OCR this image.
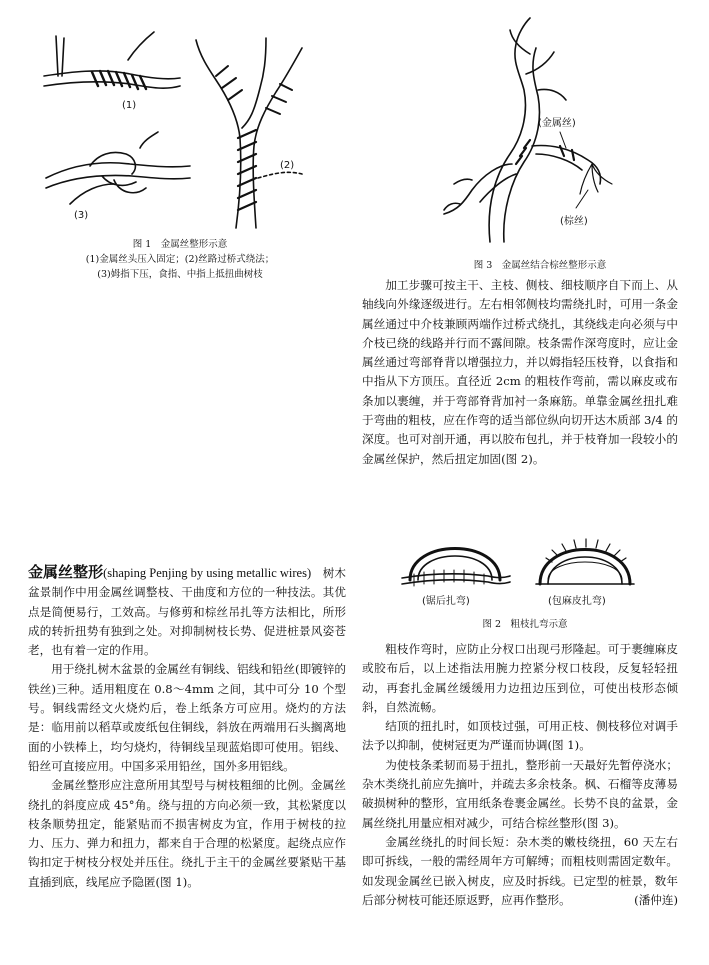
(1)
(2)
(3)
图 1　金属丝整形示意
(1)金属丝头压入固定；(2)丝路过桥式绕法；
(3)姆指下压，食指、中指上抵扭曲树枝
(金属丝)
(棕丝)
图 3　金属丝结合棕丝整形示意

加工步骤可按主干、主枝、侧枝、细枝顺序自下而上、从轴线向外缘逐级进行。左右相邻侧枝均需绕扎时，可用一条金属丝通过中介枝兼顾两端作过桥式绕扎，其绕线走向必须与中介枝已绕的线路并行而不露间隙。枝条需作深弯度时，应让金属丝通过弯部脊背以增强拉力，并以姆指轻压枝脊，以食指和中指从下方顶压。直径近 2cm 的粗枝作弯前，需以麻皮或布条加以裹缠，并于弯部脊背加衬一条麻筋。单靠金属丝扭扎难于弯曲的粗枝，应在作弯的适当部位纵向切开达木质部 3/4 的深度。也可对剖开通，再以胶布包扎，并于枝脊加一段较小的金属丝保护，然后扭定加固(图 2)。

(锯后扎弯)	(包麻皮扎弯)
图 2　粗枝扎弯示意

粗枝作弯时，应防止分杈口出现弓形隆起。可于裹缠麻皮或胶布后，以上述指法用腕力控紧分杈口枝段，反复轻轻扭动，再套扎金属丝缓缓用力边扭边压到位，可使出枝形态倾斜，自然流畅。

结顶的扭扎时，如顶枝过强，可用正枝、侧枝移位对调手法予以抑制，使树冠更为严谨而协调(图 1)。

为使枝条柔韧而易于扭扎，整形前一天最好先暂停浇水；杂木类绕扎前应先摘叶，并疏去多余枝条。枫、石榴等皮薄易破损树种的整形，宜用纸条卷裹金属丝。长势不良的盆景，金属丝绕扎用量应相对减少，可结合棕丝整形(图 3)。

金属丝绕扎的时间长短：杂木类的嫩枝绕扭，60 天左右即可拆线，一般的需经周年方可解缚；而粗枝则需固定数年。如发现金属丝已嵌入树皮，应及时拆线。已定型的桩景，数年后部分树枝可能还原返野，应再作整形。	(潘仲连)

金属丝整形(shaping Penjing by using metallic wires)　树木盆景制作中用金属丝调整枝、干曲度和方位的一种技法。其优点是简便易行，工效高。与修剪和棕丝吊扎等方法相比，所形成的转折扭势有独到之处。对抑制树枝长势、促进桩景风姿苍老，也有着一定的作用。

用于绕扎树木盆景的金属丝有铜线、铝线和铅丝(即镀锌的铁丝)三种。适用粗度在 0.8～4mm 之间，其中可分 10 个型号。铜线需经文火烧灼后，卷上纸条方可应用。烧灼的方法是：临用前以稻草或废纸包住铜线，斜放在两端用石头搁离地面的小铁棒上，均匀烧灼，待铜线呈现蓝焰即可使用。铝线、铅丝可直接应用。中国多采用铅丝，国外多用铝线。

金属丝整形应注意所用其型号与树枝粗细的比例。金属丝绕扎的斜度应成 45°角。绕与扭的方向必须一致，其松紧度以枝条顺势扭定，能紧贴而不损害树皮为宜，作用于树枝的拉力、压力、弹力和扭力，都来自于合理的松紧度。起绕点应作钩扣定于树枝分杈处并压住。绕扎于主干的金属丝要紧贴干基直插到底，线尾应予隐匿(图 1)。
